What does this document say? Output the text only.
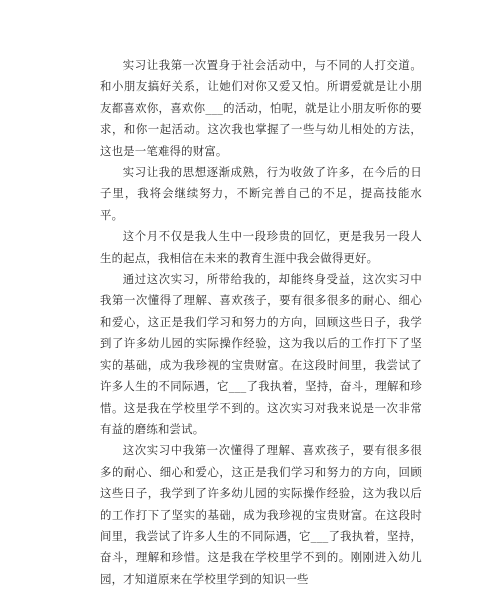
实习让我第一次置身于社会活动中，与不同的人打交道。和小朋友搞好关系，让她们对你又爱又怕。所谓爱就是让小朋友都喜欢你，喜欢你___的活动，怕呢，就是让小朋友听你的要求，和你一起活动。这次我也掌握了一些与幼儿相处的方法，这也是一笔难得的财富。

实习让我的思想逐渐成熟，行为收敛了许多，在今后的日子里，我将会继续努力，不断完善自己的不足，提高技能水平。

这个月不仅是我人生中一段珍贵的回忆，更是我另一段人生的起点，我相信在未来的教育生涯中我会做得更好。

通过这次实习，所带给我的，却能终身受益，这次实习中我第一次懂得了理解、喜欢孩子，要有很多很多的耐心、细心和爱心，这正是我们学习和努力的方向，回顾这些日子，我学到了许多幼儿园的实际操作经验，这为我以后的工作打下了坚实的基础，成为我珍视的宝贵财富。在这段时间里，我尝试了许多人生的不同际遇，它___了我执着，坚持，奋斗，理解和珍惜。这是我在学校里学不到的。这次实习对我来说是一次非常有益的磨练和尝试。

这次实习中我第一次懂得了理解、喜欢孩子，要有很多很多的耐心、细心和爱心，这正是我们学习和努力的方向，回顾这些日子，我学到了许多幼儿园的实际操作经验，这为我以后的工作打下了坚实的基础，成为我珍视的宝贵财富。在这段时间里，我尝试了许多人生的不同际遇，它___了我执着，坚持，奋斗，理解和珍惜。这是我在学校里学不到的。刚刚进入幼儿园，才知道原来在学校里学到的知识一些
